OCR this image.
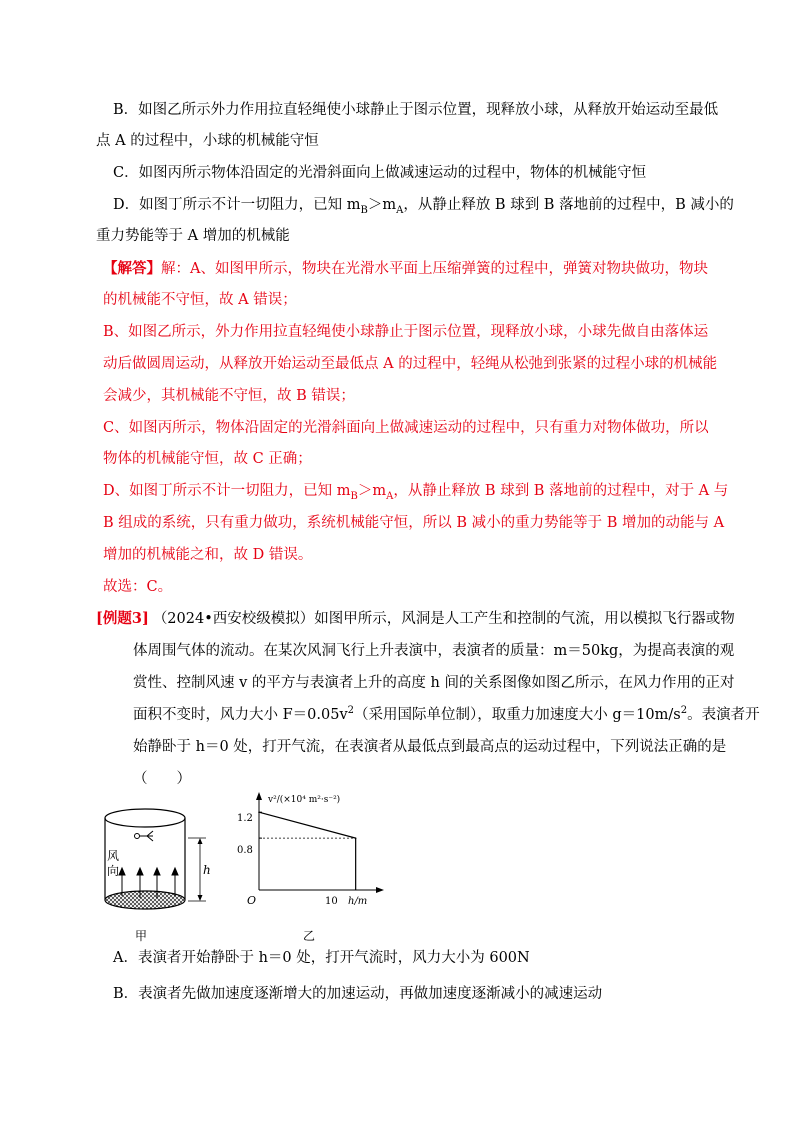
B．如图乙所示外力作用拉直轻绳使小球静止于图示位置，现释放小球，从释放开始运动至最低
点 A 的过程中，小球的机械能守恒
C．如图丙所示物体沿固定的光滑斜面向上做减速运动的过程中，物体的机械能守恒
D．如图丁所示不计一切阻力，已知 $m_B>m_A$，从静止释放 B 球到 B 落地前的过程中，B 减小的
重力势能等于 A 增加的机械能
【解答】解：A、如图甲所示，物块在光滑水平面上压缩弹簧的过程中，弹簧对物块做功，物块
的机械能不守恒，故 A 错误；
B、如图乙所示，外力作用拉直轻绳使小球静止于图示位置，现释放小球，小球先做自由落体运
动后做圆周运动，从释放开始运动至最低点 A 的过程中，轻绳从松弛到张紧的过程小球的机械能
会减少，其机械能不守恒，故 B 错误；
C、如图丙所示，物体沿固定的光滑斜面向上做减速运动的过程中，只有重力对物体做功，所以
物体的机械能守恒，故 C 正确；
D、如图丁所示不计一切阻力，已知 $m_B>m_A$，从静止释放 B 球到 B 落地前的过程中，对于 A 与
B 组成的系统，只有重力做功，系统机械能守恒，所以 B 减小的重力势能等于 B 增加的动能与 A
增加的机械能之和，故 D 错误。
故选：C。
[例题3] （2024•西安校级模拟）如图甲所示，风洞是人工产生和控制的气流，用以模拟飞行器或物
体周围气体的流动。在某次风洞飞行上升表演中，表演者的质量：m＝50kg，为提高表演的观
赏性、控制风速 v 的平方与表演者上升的高度 h 间的关系图像如图乙所示，在风力作用的正对
面积不变时，风力大小 $F=0.05v^2$（采用国际单位制），取重力加速度大小 $g=10m/s^2$。表演者开
始静卧于 h＝0 处，打开气流，在表演者从最低点到最高点的运动过程中，下列说法正确的是
（　　）
风
向	h
甲
v²/(×10⁴ m²·s⁻²)
1.2
0.8
O	10 h/m
乙
A．表演者开始静卧于 h＝0 处，打开气流时，风力大小为 600N
B．表演者先做加速度逐渐增大的加速运动，再做加速度逐渐减小的减速运动
